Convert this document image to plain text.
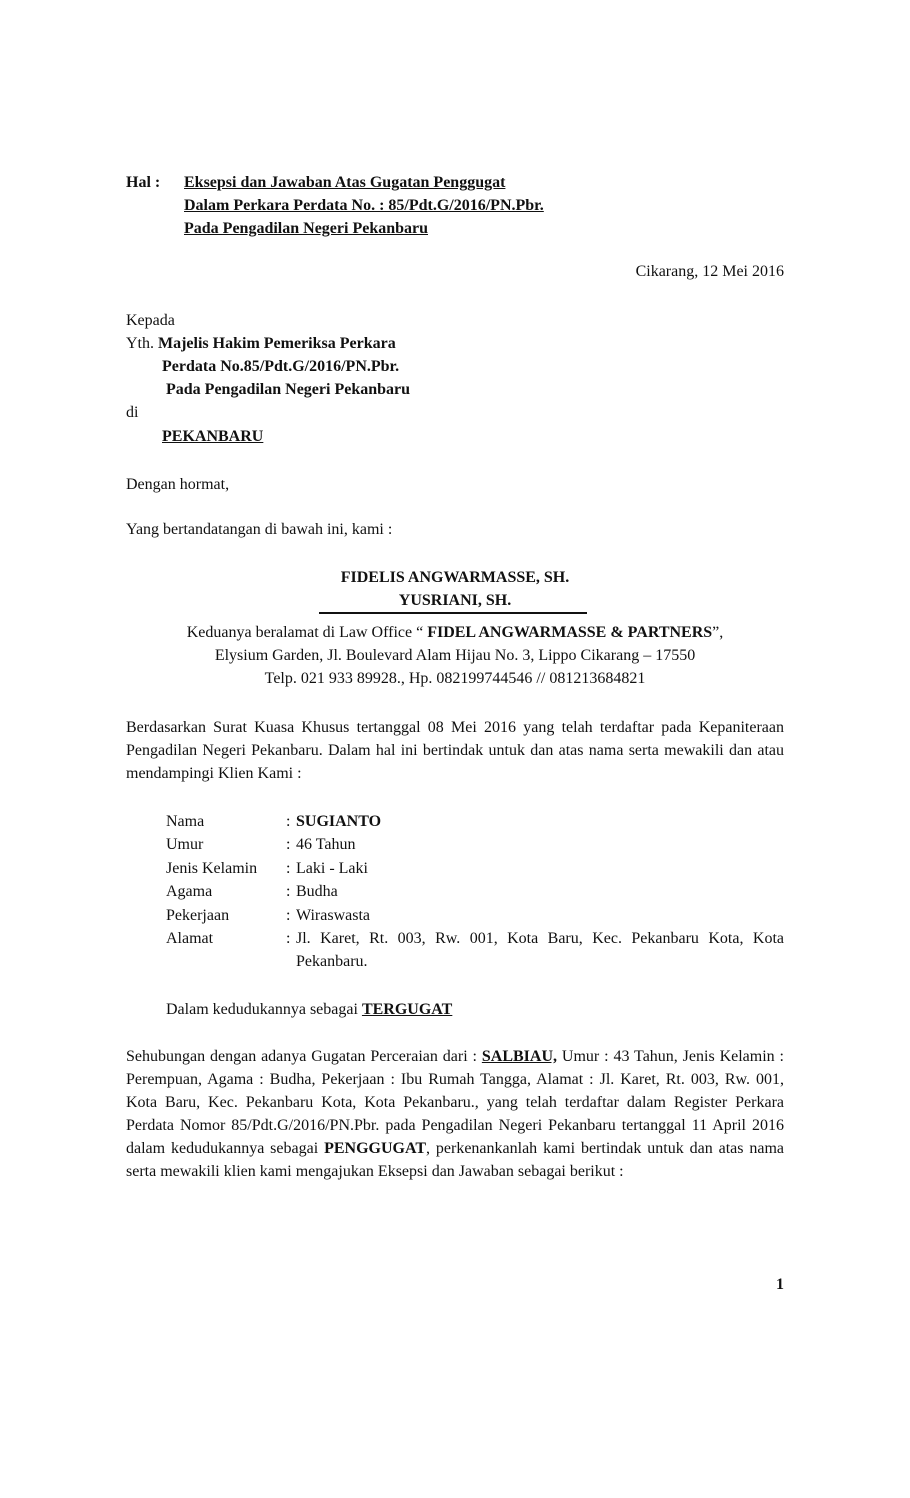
Hal : Eksepsi dan Jawaban Atas Gugatan Penggugat
Dalam Perkara Perdata No. : 85/Pdt.G/2016/PN.Pbr.
Pada Pengadilan Negeri Pekanbaru
Cikarang, 12 Mei 2016
Kepada
Yth. Majelis Hakim Pemeriksa Perkara
Perdata No.85/Pdt.G/2016/PN.Pbr.
Pada Pengadilan Negeri Pekanbaru
di
PEKANBARU
Dengan hormat,
Yang bertandatangan di bawah ini, kami :
FIDELIS ANGWARMASSE, SH.
YUSRIANI, SH.
Keduanya beralamat di Law Office “ FIDEL ANGWARMASSE & PARTNERS”,
Elysium Garden, Jl. Boulevard Alam Hijau No. 3, Lippo Cikarang – 17550
Telp. 021 933 89928., Hp. 082199744546 // 081213684821
Berdasarkan Surat Kuasa Khusus tertanggal 08 Mei 2016 yang telah terdaftar pada Kepaniteraan Pengadilan Negeri Pekanbaru. Dalam hal ini bertindak untuk dan atas nama serta mewakili dan atau mendampingi Klien Kami :
Nama	:	SUGIANTO
Umur	:	46 Tahun
Jenis Kelamin	:	Laki - Laki
Agama	:	Budha
Pekerjaan	:	Wiraswasta
Alamat	:	Jl. Karet, Rt. 003, Rw. 001, Kota Baru, Kec. Pekanbaru Kota, Kota Pekanbaru.
Dalam kedudukannya sebagai TERGUGAT
Sehubungan dengan adanya Gugatan Perceraian dari : SALBIAU, Umur : 43 Tahun, Jenis Kelamin : Perempuan, Agama : Budha, Pekerjaan : Ibu Rumah Tangga, Alamat : Jl. Karet, Rt. 003, Rw. 001, Kota Baru, Kec. Pekanbaru Kota, Kota Pekanbaru., yang telah terdaftar dalam Register Perkara Perdata Nomor 85/Pdt.G/2016/PN.Pbr. pada Pengadilan Negeri Pekanbaru tertanggal 11 April 2016 dalam kedudukannya sebagai PENGGUGAT, perkenankanlah kami bertindak untuk dan atas nama serta mewakili klien kami mengajukan Eksepsi dan Jawaban sebagai berikut :
1
